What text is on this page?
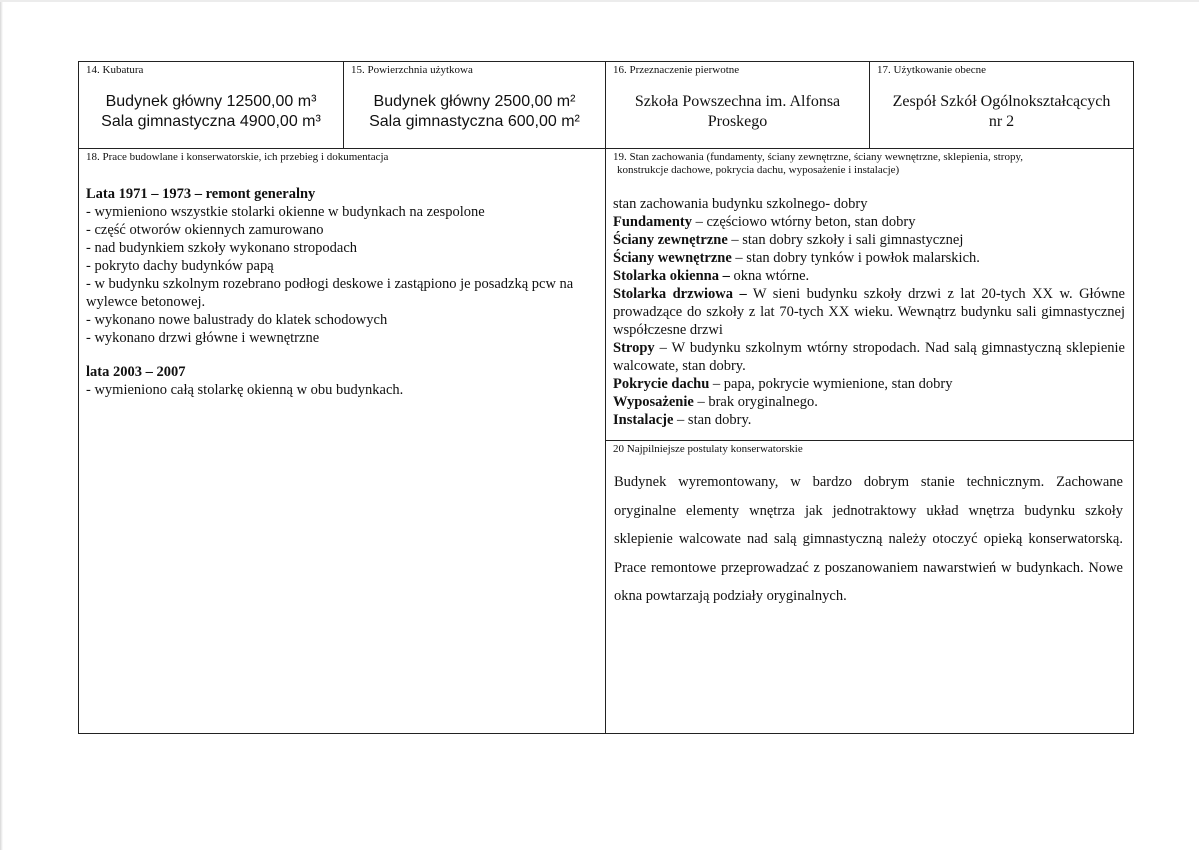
14. Kubatura
Budynek główny 12500,00 m³
Sala gimnastyczna 4900,00 m³
15. Powierzchnia użytkowa
Budynek główny 2500,00 m²
Sala gimnastyczna 600,00 m²
16. Przeznaczenie pierwotne
Szkoła Powszechna im. Alfonsa
Proskego
17. Użytkowanie obecne
Zespół Szkół Ogólnokształcących
nr 2
18. Prace budowlane i konserwatorskie, ich przebieg i dokumentacja

Lata 1971 – 1973 – remont generalny

- wymieniono wszystkie stolarki okienne w budynkach na zespolone

- część otworów okiennych zamurowano

- nad budynkiem szkoły wykonano stropodach

- pokryto dachy budynków papą

- w budynku szkolnym rozebrano podłogi deskowe i zastąpiono je posadzką pcw na wylewce betonowej.

- wykonano nowe balustrady do klatek schodowych

- wykonano drzwi główne i wewnętrzne

lata 2003 – 2007

- wymieniono całą stolarkę okienną w obu budynkach.

19. Stan zachowania (fundamenty, ściany zewnętrzne, ściany wewnętrzne, sklepienia, stropy,
konstrukcje dachowe, pokrycia dachu, wyposażenie i instalacje)

stan zachowania budynku szkolnego- dobry

Fundamenty – częściowo wtórny beton, stan dobry

Ściany zewnętrzne – stan dobry szkoły i sali gimnastycznej

Ściany wewnętrzne – stan dobry tynków i powłok malarskich.

Stolarka okienna – okna wtórne.

Stolarka drzwiowa – W sieni budynku szkoły drzwi z lat 20-tych XX w. Główne prowadzące do szkoły z lat 70-tych XX wieku. Wewnątrz budynku sali gimnastycznej współczesne drzwi

Stropy – W budynku szkolnym wtórny stropodach. Nad salą gimnastyczną sklepienie walcowate, stan dobry.

Pokrycie dachu – papa, pokrycie wymienione, stan dobry

Wyposażenie – brak oryginalnego.

Instalacje – stan dobry.

20 Najpilniejsze postulaty konserwatorskie
Budynek wyremontowany, w bardzo dobrym stanie technicznym. Zachowane oryginalne elementy wnętrza jak jednotraktowy układ wnętrza budynku szkoły sklepienie walcowate nad salą gimnastyczną należy otoczyć opieką konserwatorską. Prace remontowe przeprowadzać z poszanowaniem nawarstwień w budynkach. Nowe okna powtarzają podziały oryginalnych.
